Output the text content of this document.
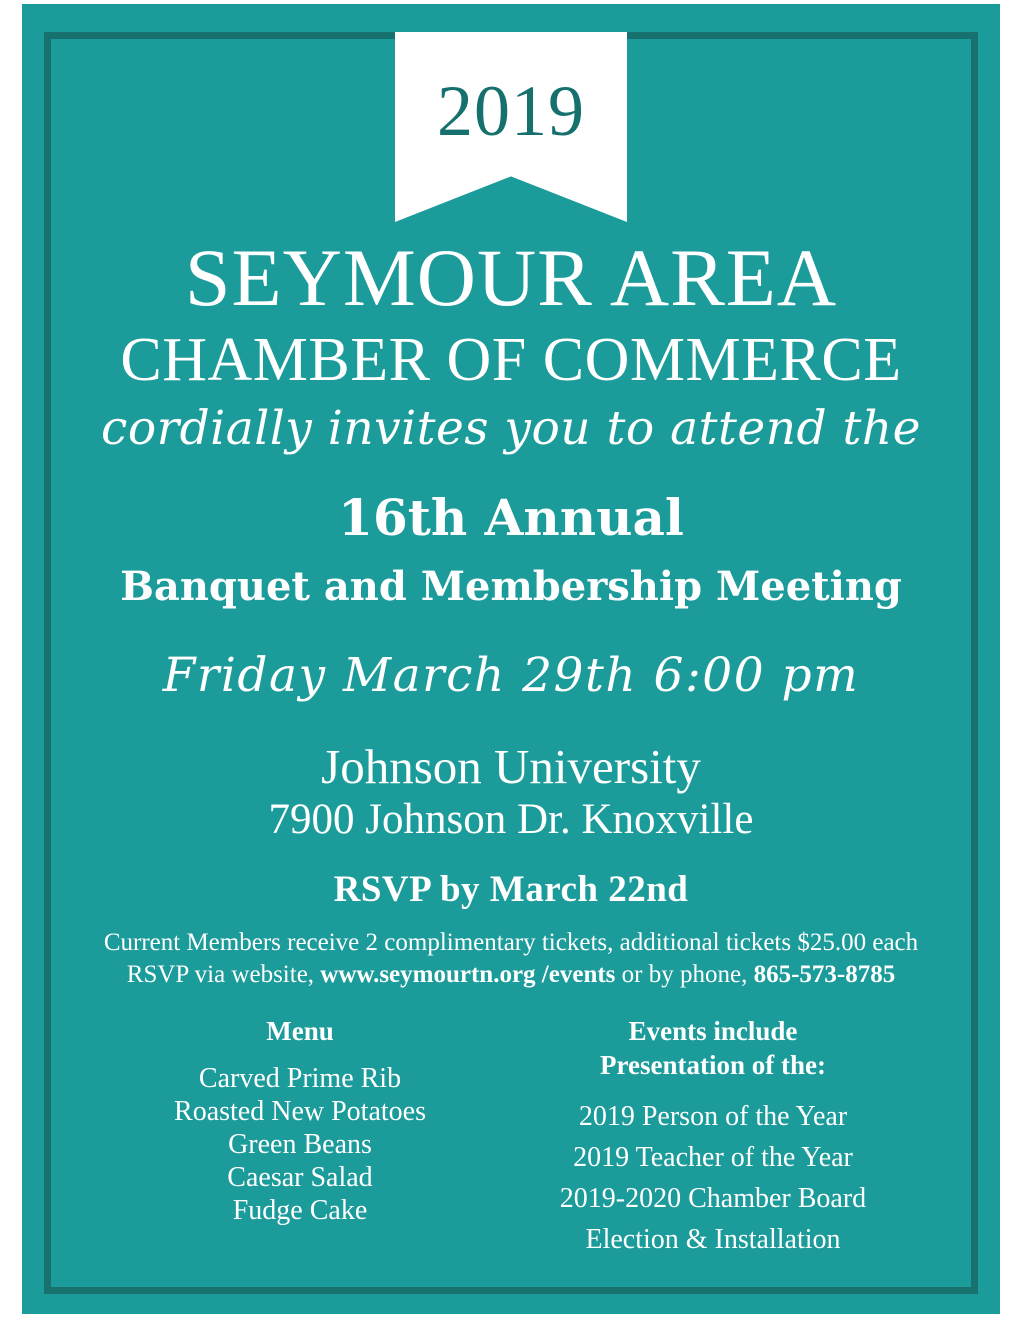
2019
SEYMOUR AREA
CHAMBER OF COMMERCE
cordially invites you to attend the
16th Annual
Banquet and Membership Meeting
Friday March 29th 6:00 pm
Johnson University
7900 Johnson Dr. Knoxville
RSVP by March 22nd
Current Members receive 2 complimentary tickets, additional tickets $25.00 each
RSVP via website, www.seymourtn.org /events or by phone, 865-573-8785
Menu
Carved Prime Rib
Roasted New Potatoes
Green Beans
Caesar Salad
Fudge Cake
Events include
Presentation of the:
2019 Person of the Year
2019 Teacher of the Year
2019-2020 Chamber Board
Election & Installation
